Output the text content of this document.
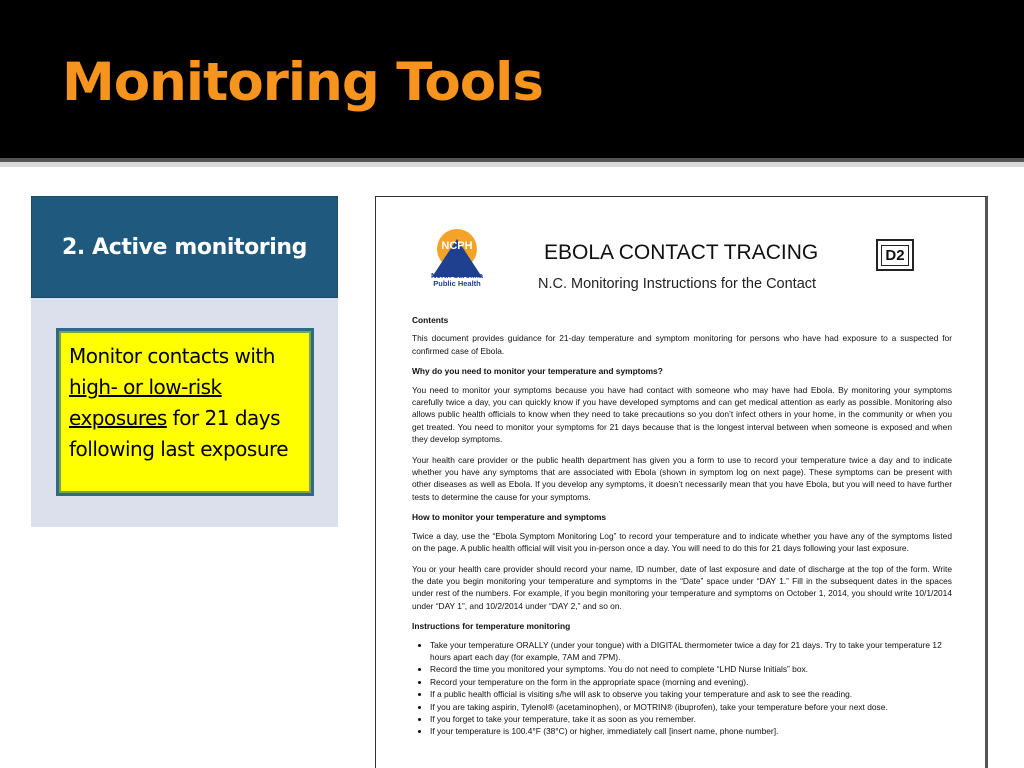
Monitoring Tools
2. Active monitoring
Monitor contacts with
high- or low-risk exposures for 21 days following last exposure
NCPH
North Carolina Public Health
EBOLA CONTACT TRACING
N.C. Monitoring Instructions for the Contact
D2

Contents

This document provides guidance for 21-day temperature and symptom monitoring for persons who have had exposure to a suspected for confirmed case of Ebola.

Why do you need to monitor your temperature and symptoms?

You need to monitor your symptoms because you have had contact with someone who may have had Ebola. By monitoring your symptoms carefully twice a day, you can quickly know if you have developed symptoms and can get medical attention as early as possible. Monitoring also allows public health officials to know when they need to take precautions so you don’t infect others in your home, in the community or when you get treated. You need to monitor your symptoms for 21 days because that is the longest interval between when someone is exposed and when they develop symptoms.

Your health care provider or the public health department has given you a form to use to record your temperature twice a day and to indicate whether you have any symptoms that are associated with Ebola (shown in symptom log on next page). These symptoms can be present with other diseases as well as Ebola. If you develop any symptoms, it doesn’t necessarily mean that you have Ebola, but you will need to have further tests to determine the cause for your symptoms.

How to monitor your temperature and symptoms

Twice a day, use the “Ebola Symptom Monitoring Log” to record your temperature and to indicate whether you have any of the symptoms listed on the page. A public health official will visit you in-person once a day. You will need to do this for 21 days following your last exposure.

You or your health care provider should record your name, ID number, date of last exposure and date of discharge at the top of the form. Write the date you begin monitoring your temperature and symptoms in the “Date” space under “DAY 1.” Fill in the subsequent dates in the spaces under rest of the numbers. For example, if you begin monitoring your temperature and symptoms on October 1, 2014, you should write 10/1/2014 under “DAY 1”, and 10/2/2014 under “DAY 2,” and so on.

Instructions for temperature monitoring

• Take your temperature ORALLY (under your tongue) with a DIGITAL thermometer twice a day for 21 days. Try to take your temperature 12 hours apart each day (for example, 7AM and 7PM).
• Record the time you monitored your symptoms. You do not need to complete “LHD Nurse Initials” box.
• Record your temperature on the form in the appropriate space (morning and evening).
• If a public health official is visiting s/he will ask to observe you taking your temperature and ask to see the reading.
• If you are taking aspirin, Tylenol® (acetaminophen), or MOTRIN® (ibuprofen), take your temperature before your next dose.
• If you forget to take your temperature, take it as soon as you remember.
• If your temperature is 100.4°F (38°C) or higher, immediately call [insert name, phone number].
